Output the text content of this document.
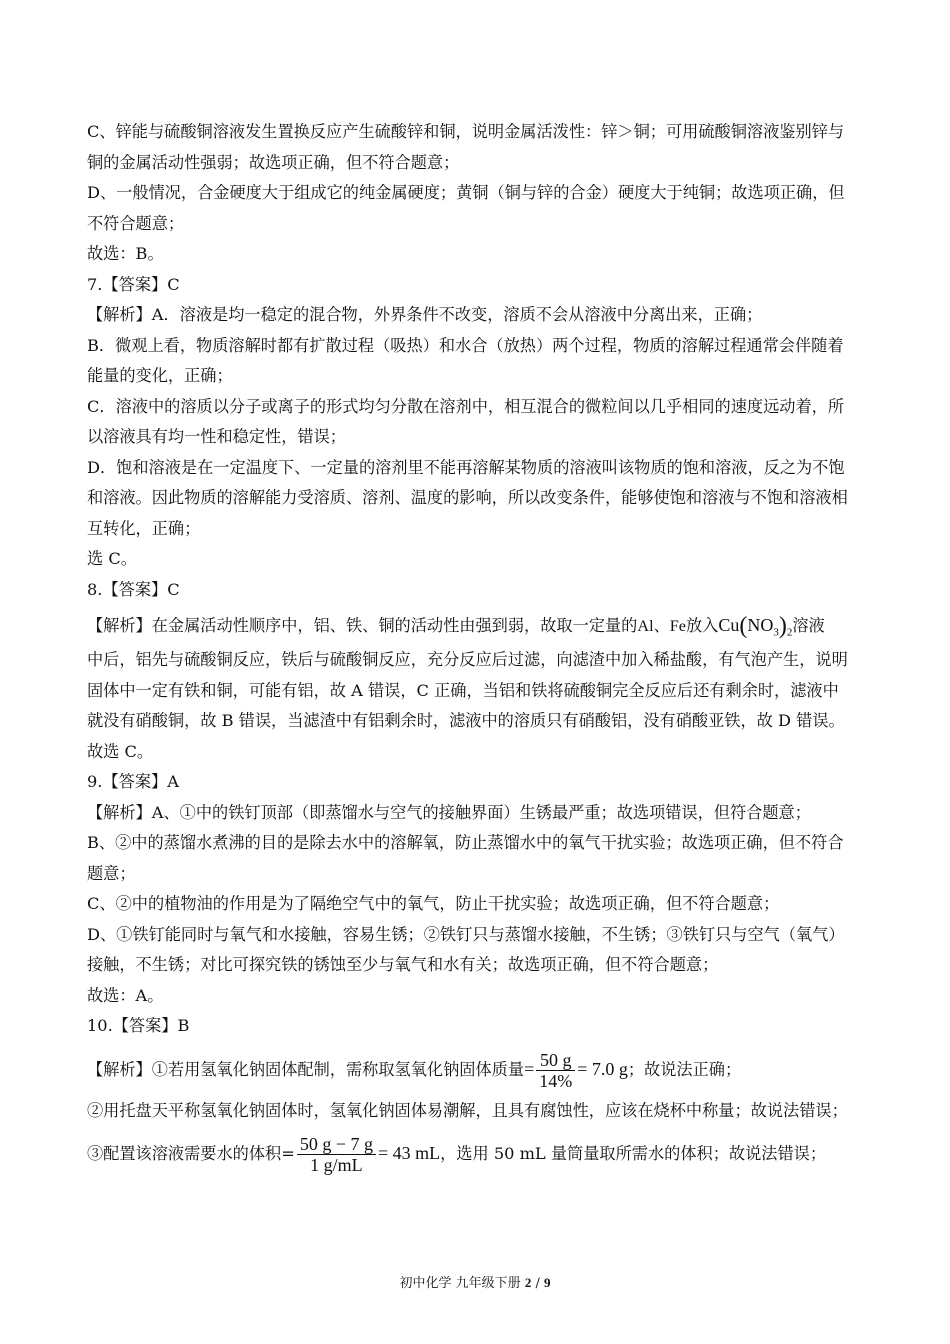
C、锌能与硫酸铜溶液发生置换反应产生硫酸锌和铜，说明金属活泼性：锌＞铜；可用硫酸铜溶液鉴别锌与
铜的金属活动性强弱；故选项正确，但不符合题意；
D、一般情况，合金硬度大于组成它的纯金属硬度；黄铜（铜与锌的合金）硬度大于纯铜；故选项正确，但
不符合题意；
故选：B。
7.【答案】C
【解析】A．溶液是均一稳定的混合物，外界条件不改变，溶质不会从溶液中分离出来，正确；
B．微观上看，物质溶解时都有扩散过程（吸热）和水合（放热）两个过程，物质的溶解过程通常会伴随着
能量的变化，正确；
C．溶液中的溶质以分子或离子的形式均匀分散在溶剂中，相互混合的微粒间以几乎相同的速度远动着，所
以溶液具有均一性和稳定性，错误；
D．饱和溶液是在一定温度下、一定量的溶剂里不能再溶解某物质的溶液叫该物质的饱和溶液，反之为不饱
和溶液。因此物质的溶解能力受溶质、溶剂、温度的影响，所以改变条件，能够使饱和溶液与不饱和溶液相
互转化，正确；
选 C。
8.【答案】C
【解析】在金属活动性顺序中，铝、铁、铜的活动性由强到弱，故取一定量的Al、Fe放入$Cu(NO_3)_2$溶液
中后，铝先与硫酸铜反应，铁后与硫酸铜反应，充分反应后过滤，向滤渣中加入稀盐酸，有气泡产生，说明
固体中一定有铁和铜，可能有铝，故 A 错误，C 正确，当铝和铁将硫酸铜完全反应后还有剩余时，滤液中
就没有硝酸铜，故 B 错误，当滤渣中有铝剩余时，滤液中的溶质只有硝酸铝，没有硝酸亚铁，故 D 错误。
故选 C。
9.【答案】A
【解析】A、①中的铁钉顶部（即蒸馏水与空气的接触界面）生锈最严重；故选项错误，但符合题意；
B、②中的蒸馏水煮沸的目的是除去水中的溶解氧，防止蒸馏水中的氧气干扰实验；故选项正确，但不符合
题意；
C、②中的植物油的作用是为了隔绝空气中的氧气，防止干扰实验；故选项正确，但不符合题意；
D、①铁钉能同时与氧气和水接触，容易生锈；②铁钉只与蒸馏水接触，不生锈；③铁钉只与空气（氧气）
接触，不生锈；对比可探究铁的锈蚀至少与氧气和水有关；故选项正确，但不符合题意；
故选：A。
10.【答案】B
【解析】①若用氢氧化钠固体配制，需称取氢氧化钠固体质量= $\frac{50 g}{14\%} = 7.0$ g；故说法正确；
②用托盘天平称氢氧化钠固体时，氢氧化钠固体易潮解，且具有腐蚀性，应该在烧杯中称量；故说法错误；
③配置该溶液需要水的体积= $\frac{50 g - 7 g}{1 g/mL} = 43$ mL，选用 50 mL 量筒量取所需水的体积；故说法错误；
初中化学 九年级下册 2 / 9
